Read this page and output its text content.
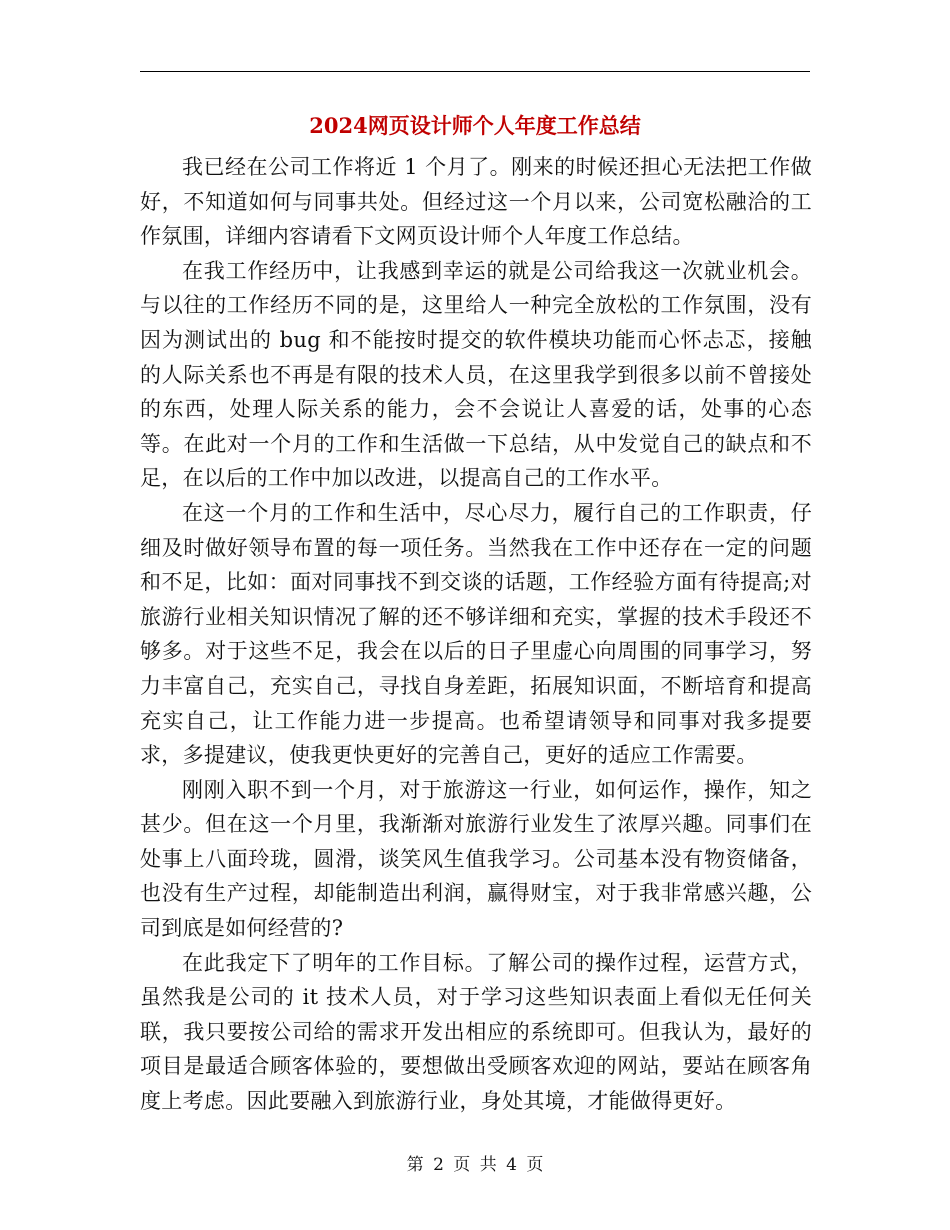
2024网页设计师个人年度工作总结

我已经在公司工作将近 1 个月了。刚来的时候还担心无法把工作做好，不知道如何与同事共处。但经过这一个月以来，公司宽松融洽的工作氛围，详细内容请看下文网页设计师个人年度工作总结。

在我工作经历中，让我感到幸运的就是公司给我这一次就业机会。与以往的工作经历不同的是，这里给人一种完全放松的工作氛围，没有因为测试出的 bug 和不能按时提交的软件模块功能而心怀忐忑，接触的人际关系也不再是有限的技术人员，在这里我学到很多以前不曾接处的东西，处理人际关系的能力，会不会说让人喜爱的话，处事的心态等。在此对一个月的工作和生活做一下总结，从中发觉自己的缺点和不足，在以后的工作中加以改进，以提高自己的工作水平。

在这一个月的工作和生活中，尽心尽力，履行自己的工作职责，仔细及时做好领导布置的每一项任务。当然我在工作中还存在一定的问题和不足，比如：面对同事找不到交谈的话题，工作经验方面有待提高;对旅游行业相关知识情况了解的还不够详细和充实，掌握的技术手段还不够多。对于这些不足，我会在以后的日子里虚心向周围的同事学习，努力丰富自己，充实自己，寻找自身差距，拓展知识面，不断培育和提高充实自己，让工作能力进一步提高。也希望请领导和同事对我多提要求，多提建议，使我更快更好的完善自己，更好的适应工作需要。

刚刚入职不到一个月，对于旅游这一行业，如何运作，操作，知之甚少。但在这一个月里，我渐渐对旅游行业发生了浓厚兴趣。同事们在处事上八面玲珑，圆滑，谈笑风生值我学习。公司基本没有物资储备，也没有生产过程，却能制造出利润，赢得财宝，对于我非常感兴趣，公司到底是如何经营的?

在此我定下了明年的工作目标。了解公司的操作过程，运营方式，虽然我是公司的 it 技术人员，对于学习这些知识表面上看似无任何关联，我只要按公司给的需求开发出相应的系统即可。但我认为，最好的项目是最适合顾客体验的，要想做出受顾客欢迎的网站，要站在顾客角度上考虑。因此要融入到旅游行业，身处其境，才能做得更好。

第 2 页 共 4 页
